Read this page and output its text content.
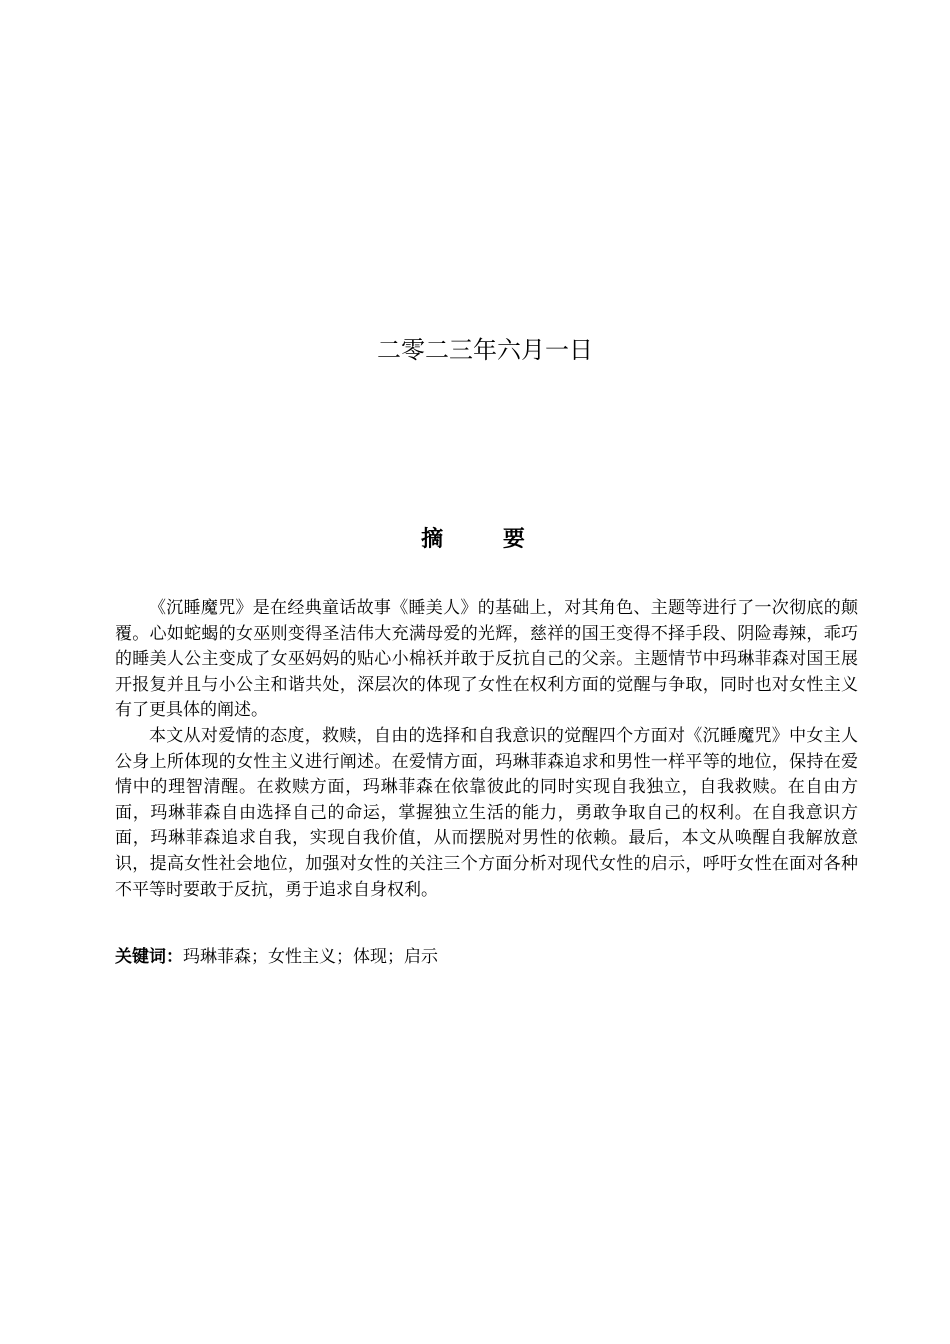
二零二三年六月一日
摘 要

《沉睡魔咒》是在经典童话故事《睡美人》的基础上，对其角色、主题等进行了一次彻底的颠覆。心如蛇蝎的女巫则变得圣洁伟大充满母爱的光辉，慈祥的国王变得不择手段、阴险毒辣，乖巧的睡美人公主变成了女巫妈妈的贴心小棉袄并敢于反抗自己的父亲。主题情节中玛琳菲森对国王展开报复并且与小公主和谐共处，深层次的体现了女性在权利方面的觉醒与争取，同时也对女性主义有了更具体的阐述。

本文从对爱情的态度，救赎，自由的选择和自我意识的觉醒四个方面对《沉睡魔咒》中女主人公身上所体现的女性主义进行阐述。在爱情方面，玛琳菲森追求和男性一样平等的地位，保持在爱情中的理智清醒。在救赎方面，玛琳菲森在依靠彼此的同时实现自我独立，自我救赎。在自由方面，玛琳菲森自由选择自己的命运，掌握独立生活的能力，勇敢争取自己的权利。在自我意识方面，玛琳菲森追求自我，实现自我价值，从而摆脱对男性的依赖。最后，本文从唤醒自我解放意识，提高女性社会地位，加强对女性的关注三个方面分析对现代女性的启示，呼吁女性在面对各种不平等时要敢于反抗，勇于追求自身权利。

关键词：玛琳菲森；女性主义；体现；启示
